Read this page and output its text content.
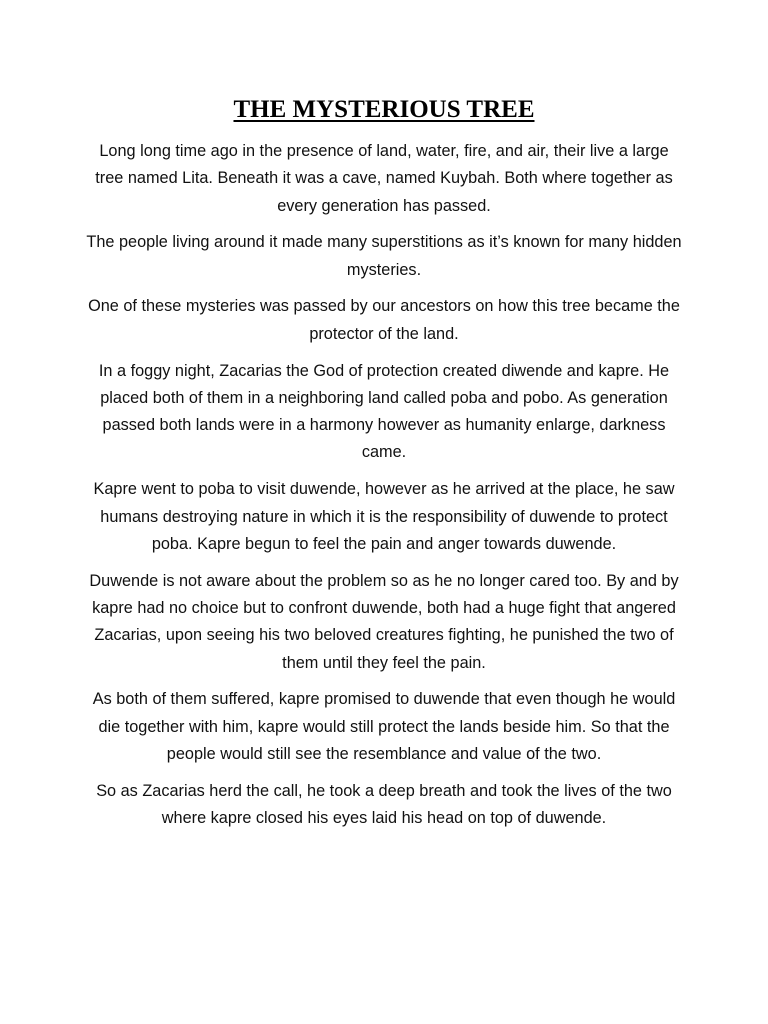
THE MYSTERIOUS TREE

Long long time ago in the presence of land, water, fire, and air, their live a large tree named Lita. Beneath it was a cave, named Kuybah. Both where together as every generation has passed.

The people living around it made many superstitions as it’s known for many hidden mysteries.

One of these mysteries was passed by our ancestors on how this tree became the protector of the land.

In a foggy night, Zacarias the God of protection created diwende and kapre. He placed both of them in a neighboring land called poba and pobo. As generation passed both lands were in a harmony however as humanity enlarge, darkness came.

Kapre went to poba to visit duwende, however as he arrived at the place, he saw humans destroying nature in which it is the responsibility of duwende to protect poba. Kapre begun to feel the pain and anger towards duwende.

Duwende is not aware about the problem so as he no longer cared too. By and by kapre had no choice but to confront duwende, both had a huge fight that angered Zacarias, upon seeing his two beloved creatures fighting, he punished the two of them until they feel the pain.

As both of them suffered, kapre promised to duwende that even though he would die together with him, kapre would still protect the lands beside him. So that the people would still see the resemblance and value of the two.

So as Zacarias herd the call, he took a deep breath and took the lives of the two where kapre closed his eyes laid his head on top of duwende.
